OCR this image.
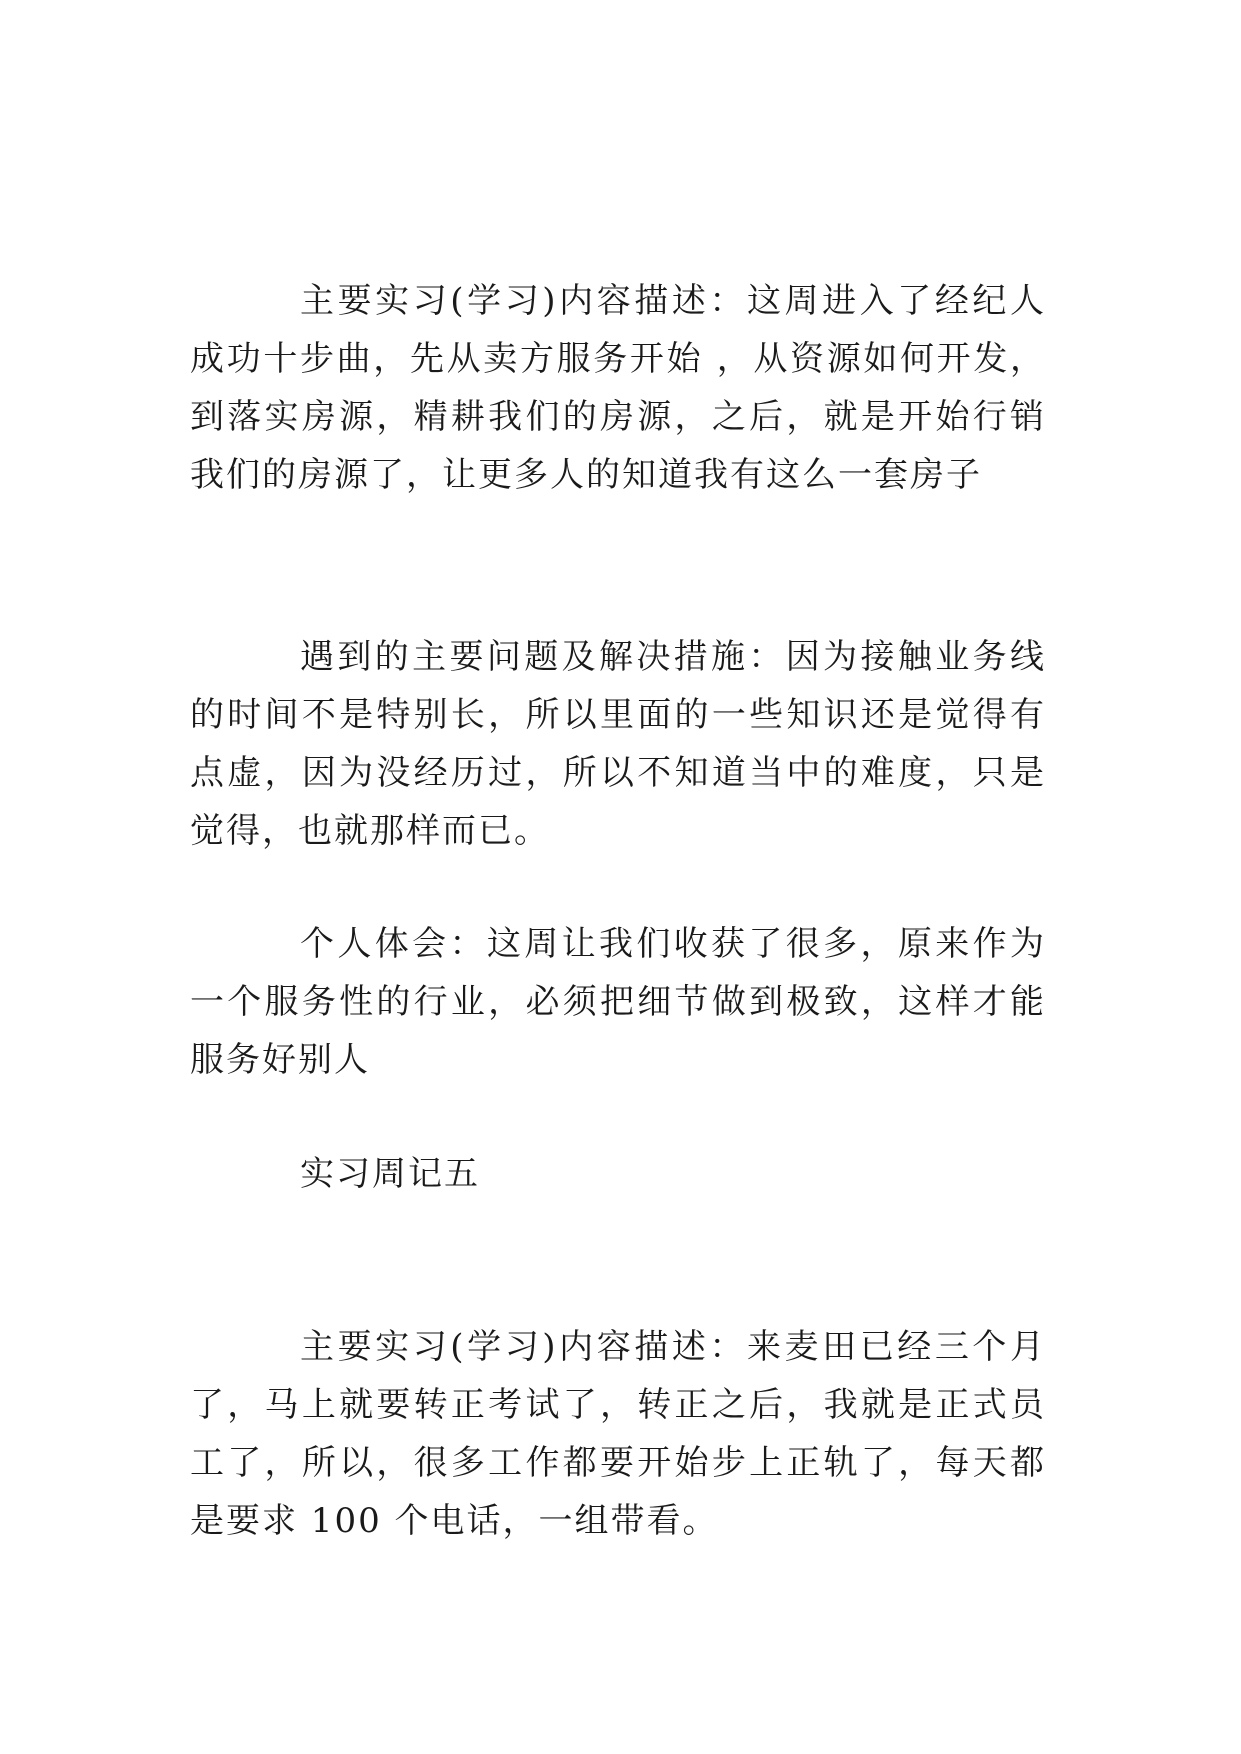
主要实习(学习)内容描述：这周进入了经纪人成功十步曲，先从卖方服务开始 ，从资源如何开发，到落实房源，精耕我们的房源，之后，就是开始行销我们的房源了，让更多人的知道我有这么一套房子

遇到的主要问题及解决措施：因为接触业务线的时间不是特别长，所以里面的一些知识还是觉得有点虚，因为没经历过，所以不知道当中的难度，只是觉得，也就那样而已。

个人体会：这周让我们收获了很多，原来作为一个服务性的行业，必须把细节做到极致，这样才能服务好别人

实习周记五

主要实习(学习)内容描述：来麦田已经三个月了，马上就要转正考试了，转正之后，我就是正式员工了，所以，很多工作都要开始步上正轨了，每天都是要求 100 个电话，一组带看。
